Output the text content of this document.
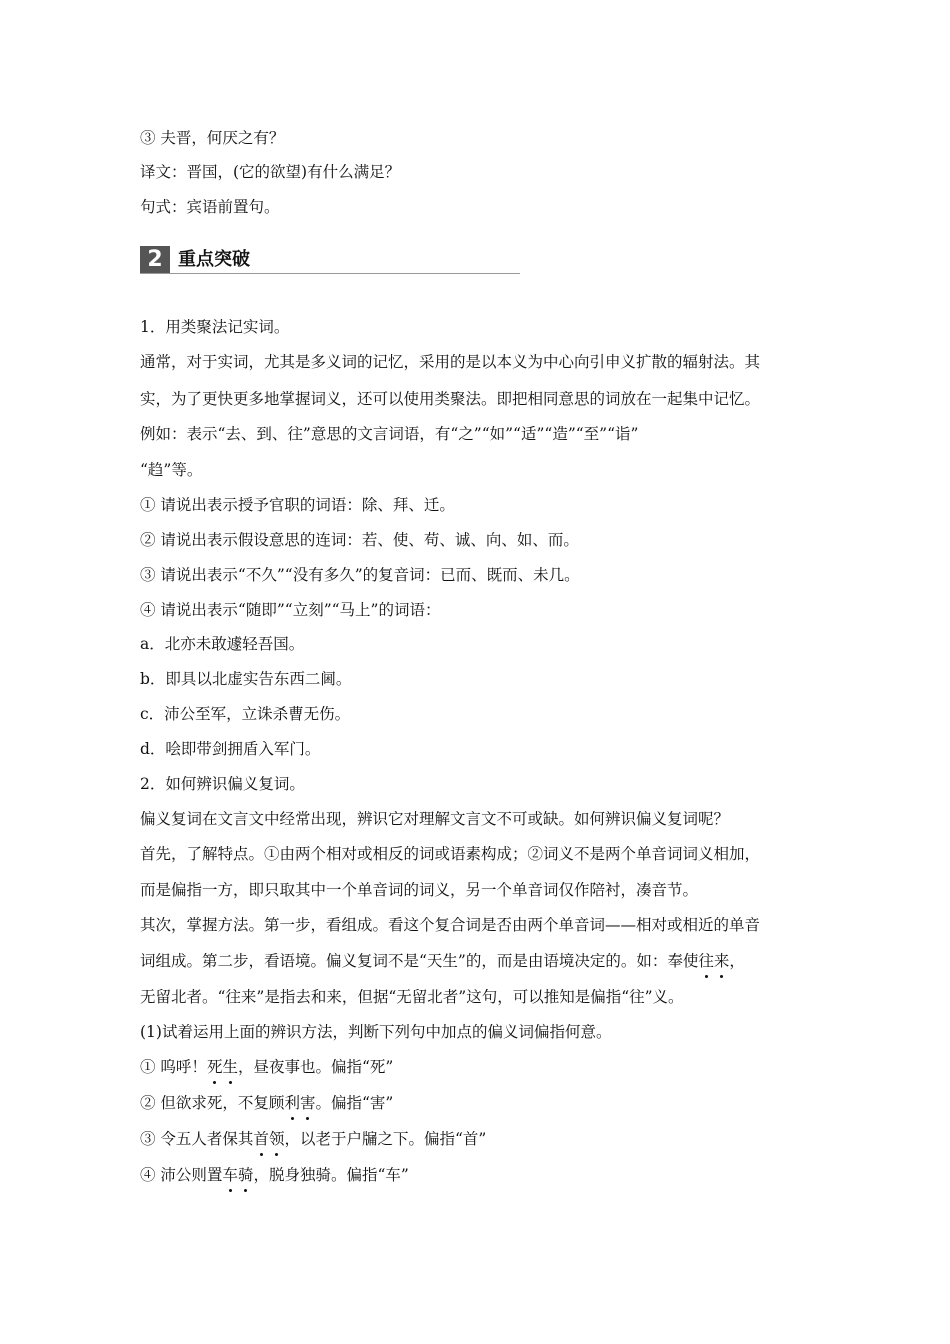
③ 夫晋，何厌之有？
译文：晋国，(它的欲望)有什么满足？
句式：宾语前置句。
2 重点突破
1．用类聚法记实词。
通常，对于实词，尤其是多义词的记忆，采用的是以本义为中心向引申义扩散的辐射法。其
实，为了更快更多地掌握词义，还可以使用类聚法。即把相同意思的词放在一起集中记忆。
例如：表示“去、到、往”意思的文言词语，有“之”“如”“适”“造”“至”“诣”
“趋”等。
① 请说出表示授予官职的词语：除、拜、迁。
② 请说出表示假设意思的连词：若、使、苟、诚、向、如、而。
③ 请说出表示“不久”“没有多久”的复音词：已而、既而、未几。
④ 请说出表示“随即”“立刻”“马上”的词语：
a．北亦未敢遽轻吾国。
b．即具以北虚实告东西二阃。
c．沛公至军，立诛杀曹无伤。
d．哙即带剑拥盾入军门。
2．如何辨识偏义复词。
偏义复词在文言文中经常出现，辨识它对理解文言文不可或缺。如何辨识偏义复词呢？
首先，了解特点。①由两个相对或相反的词或语素构成；②词义不是两个单音词词义相加，
而是偏指一方，即只取其中一个单音词的词义，另一个单音词仅作陪衬，凑音节。
其次，掌握方法。第一步，看组成。看这个复合词是否由两个单音词——相对或相近的单音
词组成。第二步，看语境。偏义复词不是“天生”的，而是由语境决定的。如：奉使往来，
无留北者。“往来”是指去和来，但据“无留北者”这句，可以推知是偏指“往”义。
(1)试着运用上面的辨识方法，判断下列句中加点的偏义词偏指何意。
① 呜呼！死生，昼夜事也。偏指“死”
② 但欲求死，不复顾利害。偏指“害”
③ 令五人者保其首领，以老于户牖之下。偏指“首”
④ 沛公则置车骑，脱身独骑。偏指“车”
